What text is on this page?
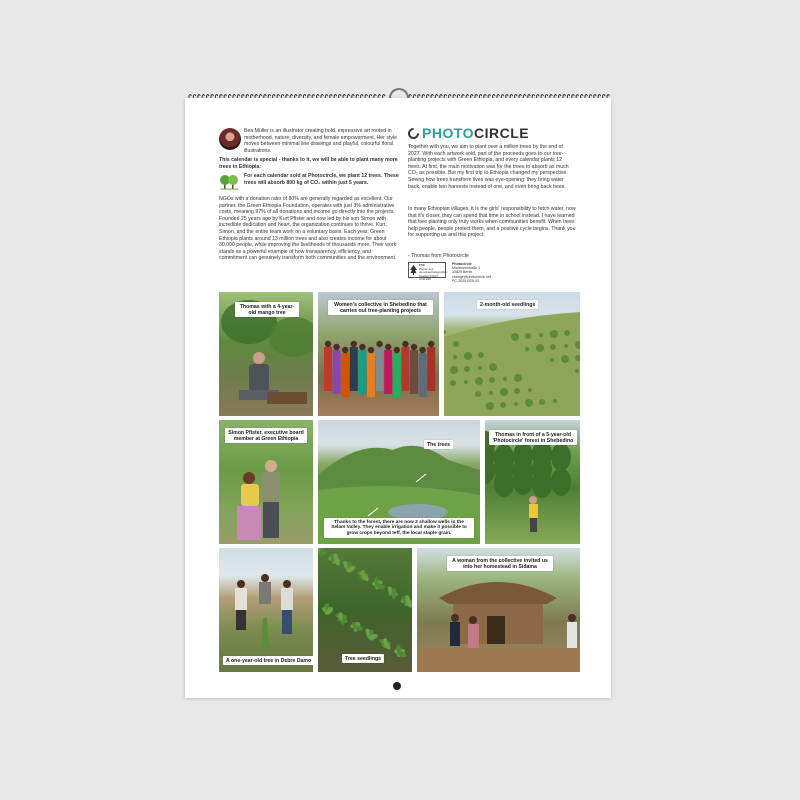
Bea Müller is an illustrator creating bold, expressive art rooted in motherhood, nature, diversity, and female empowerment. Her style moves between minimal line drawings and playful, colourful floral illustrations.
This calendar is special - thanks to it, we will be able to plant many more trees in Ethiopia:
For each calendar sold at Photocircle, we plant 12 trees. These trees will absorb 800 kg of CO₂ within just 5 years.
NGOs with a donation ratio of 80% are generally regarded as excellent. Our partner, the Green Ethiopia Foundation, operates with just 3% administrative costs, meaning 97% of all donations and income go directly into the projects. Founded 25 years ago by Kurt Pfister and now led by his son Simon with incredible dedication and heart, the organization continues to thrive. Kurt, Simon, and the entire team work on a voluntary basis. Each year, Green Ethiopia plants around 13 million trees and also creates income for about 30,000 people, while improving the livelihoods of thousands more. Their work stands as a powerful example of how transparency, efficiency, and commitment can genuinely transform both communities and the environment.
PHOTOCIRCLE
Together with you, we aim to plant over a million trees by the end of 2027. With each artwork sold, part of the proceeds goes to our tree-planting projects with Green Ethiopia, and every calendar plants 12 trees. At first, the main motivation was for the trees to absorb as much CO₂ as possible. But my first trip to Ethiopia changed my perspective. Seeing how trees transform lives was eye-opening: they bring water back, enable two harvests instead of one, and even bring back bees.
In many Ethiopian villages, it is the girls' responsibility to fetch water, now that it's closer, they can spend that time in school instead. I have learned that tree planting only truly works when communities benefit. When trees help people, people protect them, and a positive cycle begins. Thank you for supporting us and this project.
- Thomas from Photocircle
FSC
Papier aus verantwortungsvollen Quellen FSC® C111949
Photocircle
Marienenstraße 1
10829 Berlin
change@photocircle.net
PC-2025-B25-43
Thomas with a 4-year-old mango tree
Women's collective in Shebedino that carries out tree-planting projects
2-month-old seedlings
Simon Pfister, executive board member at Green Ethiopia
The trees
Thanks to the forest, there are now 3 shallow wells in the Selam Valley. They enable irrigation and make it possible to grow crops beyond teff, the local staple grain.
Thomas in front of a 5-year-old 'Photocircle' forest in Shebedino
A one-year-old tree in Debre Damo	Tree seedlings
A woman from the collective invited us into her homestead in Sidama
